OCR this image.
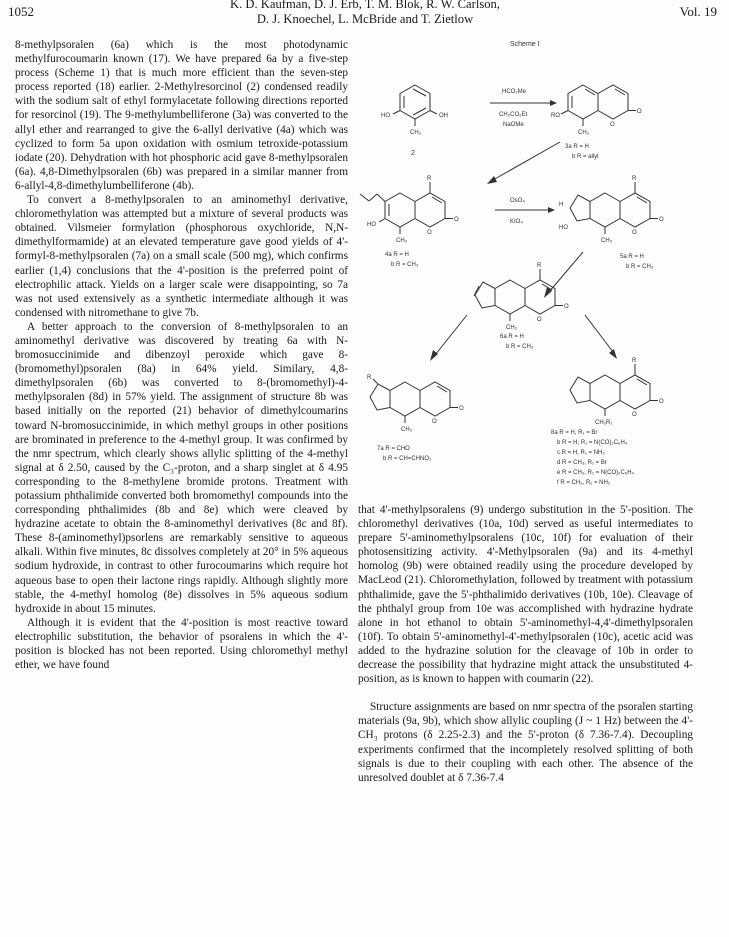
1052	K. D. Kaufman, D. J. Erb, T. M. Blok, R. W. Carlson,
D. J. Knoechel, L. McBride and T. Zietlow	Vol. 19

8-methylpsoralen (6a) which is the most photodynamic methylfurocoumarin known (17). We have prepared 6a by a five-step process (Scheme 1) that is much more efficient than the seven-step process reported (18) earlier. 2-Methylresorcinol (2) condensed readily with the sodium salt of ethyl formylacetate following directions reported for resorcinol (19). The 9-methylumbelliferone (3a) was converted to the allyl ether and rearranged to give the 6-allyl derivative (4a) which was cyclized to form 5a upon oxidation with osmium tetroxide-potassium iodate (20). Dehydration with hot phosphoric acid gave 8-methylpsoralen (6a). 4,8-Dimethylpsoralen (6b) was prepared in a similar manner from 6-allyl-4,8-dimethylumbelliferone (4b).

To convert a 8-methylpsoralen to an aminomethyl derivative, chloromethylation was attempted but a mixture of several products was obtained. Vilsmeier formylation (phosphorous oxychloride, N,N-dimethylformamide) at an elevated temperature gave good yields of 4'-formyl-8-methylpsoralen (7a) on a small scale (500 mg), which confirms earlier (1,4) conclusions that the 4'-position is the preferred point of electrophilic attack. Yields on a larger scale were disappointing, so 7a was not used extensively as a synthetic intermediate although it was condensed with nitromethane to give 7b.

A better approach to the conversion of 8-methylpsoralen to an aminomethyl derivative was discovered by treating 6a with N-bromosuccinimide and dibenzoyl peroxide which gave 8-(bromomethyl)psoralen (8a) in 64% yield. Similary, 4,8-dimethylpsoralen (6b) was converted to 8-(bromomethyl)-4-methylpsoralen (8d) in 57% yield. The assignment of structure 8b was based initially on the reported (21) behavior of dimethylcoumarins toward N-bromosuccinimide, in which methyl groups in other positions are brominated in preference to the 4-methyl group. It was confirmed by the nmr spectrum, which clearly shows allylic splitting of the 4-methyl signal at δ 2.50, caused by the C₃-proton, and a sharp singlet at δ 4.95 corresponding to the 8-methylene bromide protons. Treatment with potassium phthalimide converted both bromomethyl compounds into the corresponding phthalimides (8b and 8e) which were cleaved by hydrazine acetate to obtain the 8-aminomethyl derivatives (8c and 8f). These 8-(aminomethyl)psorlens are remarkably sensitive to aqueous alkali. Within five minutes, 8c dissolves completely at 20° in 5% aqueous sodium hydroxide, in contrast to other furocoumarins which require hot aqueous base to open their lactone rings rapidly. Although slightly more stable, the 4-methyl homolog (8e) dissolves in 5% aqueous sodium hydroxide in about 15 minutes.

Although it is evident that the 4'-position is most reactive toward electrophilic substitution, the behavior of psoralens in which the 4'-position is blocked has not been reported. Using chloromethyl methyl ether, we have found

Scheme I
HO	OH
CH₃
2
HCO₂Me
CH₃CO₂Et
NaOMe
RO
O
O
CH₃
3a R = H
b R = allyl
R
HO
O
O
CH₃
4a R = H
b R = CH₃
OsO₄
KIO₄
R
H
HO
O
O
CH₃
5a R = H
b R = CH₃
R
O
O
CH₃
6a R = H
b R = CH₃
R
O
O
CH₃
7a R = CHO
b R = CH=CHNO₂
R
O
O
CH₂R₁
8a R = H, R₁ = Br
b R = H, R₁ = N(CO)₂C₆H₄
c R = H, R₁ = NH₂
d R = CH₃, R₁ = Br
e R = CH₃, R₁ = N(CO)₂C₆H₄
f R = CH₃, R₁ = NH₂

that 4'-methylpsoralens (9) undergo substitution in the 5'-position. The chloromethyl derivatives (10a, 10d) served as useful intermediates to prepare 5'-aminomethylpsoralens (10c, 10f) for evaluation of their photosensitizing activity. 4'-Methylpsoralen (9a) and its 4-methyl homolog (9b) were obtained readily using the procedure developed by MacLeod (21). Chloromethylation, followed by treatment with potassium phthalimide, gave the 5'-phthalimido derivatives (10b, 10e). Cleavage of the phthalyl group from 10e was accomplished with hydrazine hydrate alone in hot ethanol to obtain 5'-aminomethyl-4,4'-dimethylpsoralen (10f). To obtain 5'-aminomethyl-4'-methylpsoralen (10c), acetic acid was added to the hydrazine solution for the cleavage of 10b in order to decrease the possibility that hydrazine might attack the unsubstituted 4-position, as is known to happen with coumarin (22).

Structure assignments are based on nmr spectra of the psoralen starting materials (9a, 9b), which show allylic coupling (J ~ 1 Hz) between the 4'-CH₃ protons (δ 2.25-2.3) and the 5'-proton (δ 7.36-7.4). Decoupling experiments confirmed that the incompletely resolved splitting of both signals is due to their coupling with each other. The absence of the unresolved doublet at δ 7.36-7.4
